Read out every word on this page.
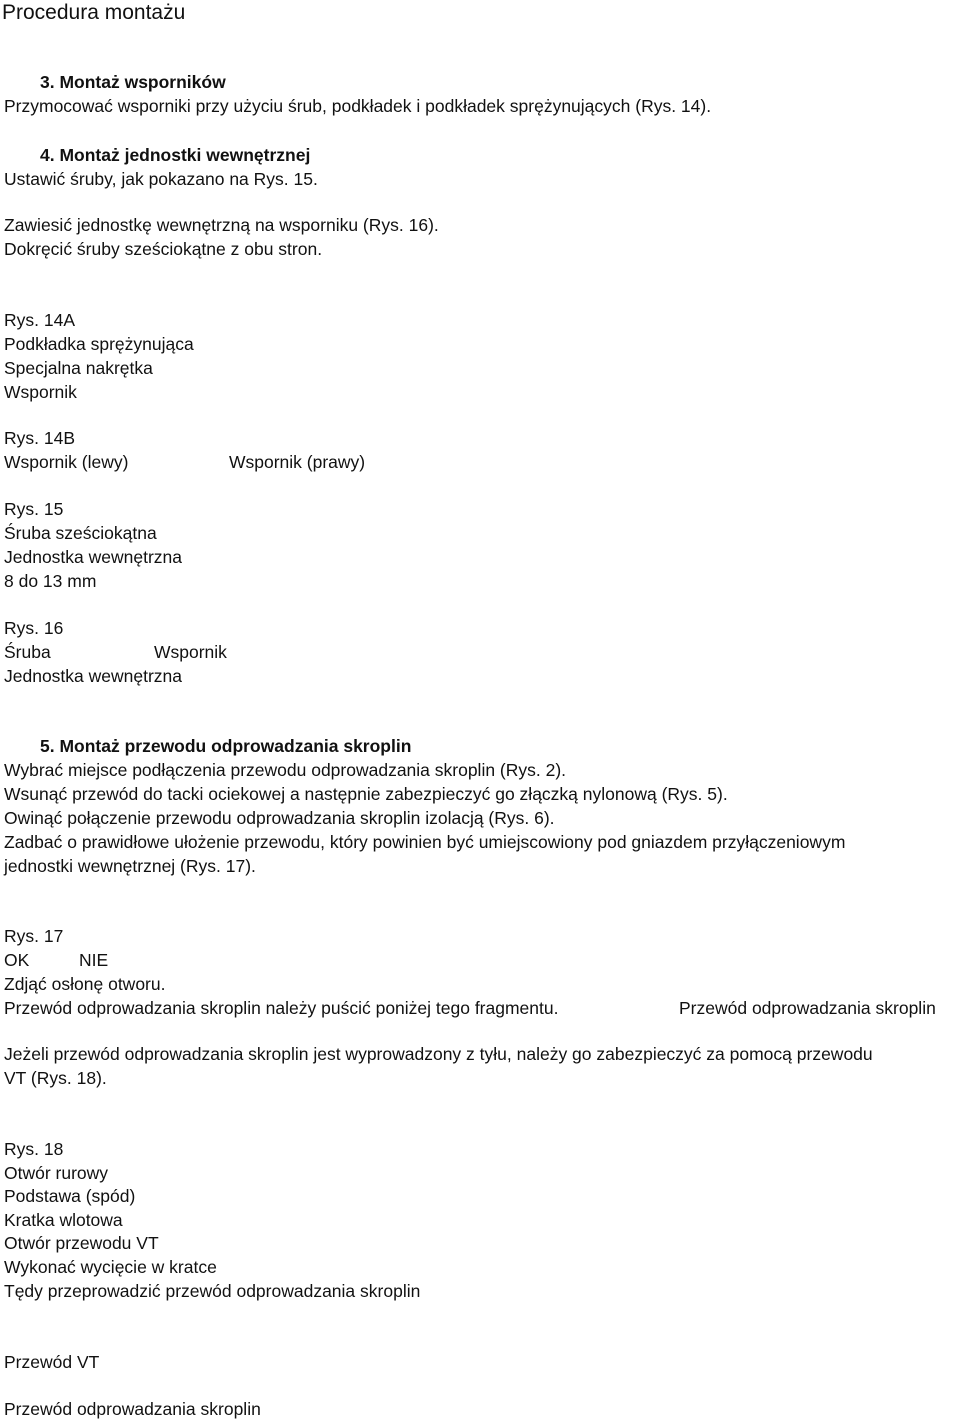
Procedura montażu
3. Montaż wsporników
Przymocować wsporniki przy użyciu śrub, podkładek i podkładek sprężynujących (Rys. 14).
4. Montaż jednostki wewnętrznej
Ustawić śruby, jak pokazano na Rys. 15.
Zawiesić jednostkę wewnętrzną na wsporniku (Rys. 16).
Dokręcić śruby sześciokątne z obu stron.
Rys. 14A
Podkładka sprężynująca
Specjalna nakrętka
Wspornik
Rys. 14B
Wspornik (lewy)	Wspornik (prawy)
Rys. 15
Śruba sześciokątna
Jednostka wewnętrzna
8 do 13 mm
Rys. 16
Śruba	Wspornik
Jednostka wewnętrzna
5. Montaż przewodu odprowadzania skroplin
Wybrać miejsce podłączenia przewodu odprowadzania skroplin (Rys. 2).
Wsunąć przewód do tacki ociekowej a następnie zabezpieczyć go złączką nylonową (Rys. 5).
Owinąć połączenie przewodu odprowadzania skroplin izolacją (Rys. 6).
Zadbać o prawidłowe ułożenie przewodu, który powinien być umiejscowiony pod gniazdem przyłączeniowym
jednostki wewnętrznej (Rys. 17).
Rys. 17
OK	NIE
Zdjąć osłonę otworu.
Przewód odprowadzania skroplin należy puścić poniżej tego fragmentu.	Przewód odprowadzania skroplin
Jeżeli przewód odprowadzania skroplin jest wyprowadzony z tyłu, należy go zabezpieczyć za pomocą przewodu
VT (Rys. 18).
Rys. 18
Otwór rurowy
Podstawa (spód)
Kratka wlotowa
Otwór przewodu VT
Wykonać wycięcie w kratce
Tędy przeprowadzić przewód odprowadzania skroplin
Przewód VT
Przewód odprowadzania skroplin
